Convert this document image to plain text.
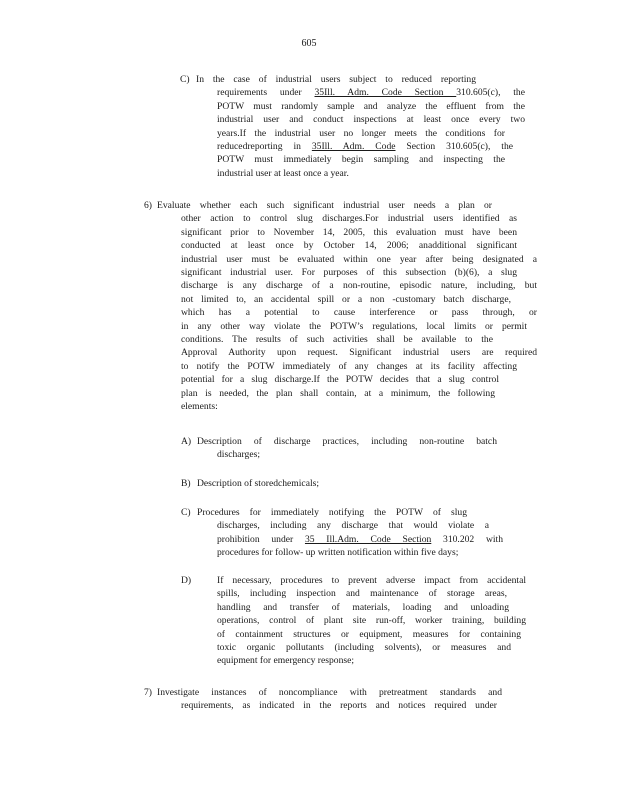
605
C) In the case of industrial users subject to reduced reporting
requirements under 35Ill. Adm. Code Section 310.605(c), the
POTW must randomly sample and analyze the effluent from the
industrial user and conduct inspections at least once every two
years.If the industrial user no longer meets the conditions for
reducedreporting in 35Ill. Adm. Code Section 310.605(c), the
POTW must immediately begin sampling and inspecting the
industrial user at least once a year.
6) Evaluate whether each such significant industrial user needs a plan or
other action to control slug discharges.For industrial users identified as
significant prior to November 14, 2005, this evaluation must have been
conducted at least once by October 14, 2006; anadditional significant
industrial user must be evaluated within one year after being designated a
significant industrial user. For purposes of this subsection (b)(6), a slug
discharge is any discharge of a non-routine, episodic nature, including, but
not limited to, an accidental spill or a non -customary batch discharge,
which has a potential to cause interference or pass through, or
in any other way violate the POTW’s regulations, local limits or permit
conditions. The results of such activities shall be available to the
Approval Authority upon request. Significant industrial users are required
to notify the POTW immediately of any changes at its facility affecting
potential for a slug discharge.If the POTW decides that a slug control
plan is needed, the plan shall contain, at a minimum, the following
elements:
A) Description of discharge practices, including non-routine batch
discharges;
B) Description of storedchemicals;
C) Procedures for immediately notifying the POTW of slug
discharges, including any discharge that would violate a
prohibition under 35 Ill.Adm. Code Section 310.202 with
procedures for follow- up written notification within five days;
D)	If necessary, procedures to prevent adverse impact from accidental
spills, including inspection and maintenance of storage areas,
handling and transfer of materials, loading and unloading
operations, control of plant site run-off, worker training, building
of containment structures or equipment, measures for containing
toxic organic pollutants (including solvents), or measures and
equipment for emergency response;
7) Investigate instances of noncompliance with pretreatment standards and
requirements, as indicated in the reports and notices required under
